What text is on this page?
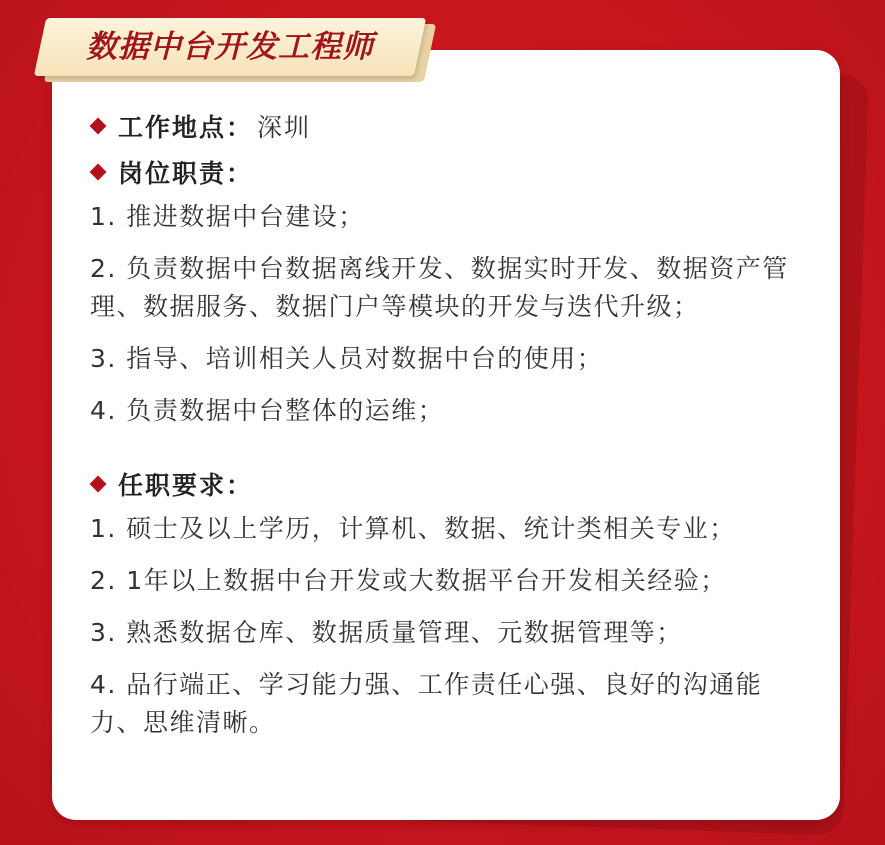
数据中台开发工程师
工作地点： 深圳
岗位职责：
1. 推进数据中台建设；
2. 负责数据中台数据离线开发、数据实时开发、数据资产管理、数据服务、数据门户等模块的开发与迭代升级；
3. 指导、培训相关人员对数据中台的使用；
4. 负责数据中台整体的运维；
任职要求：
1. 硕士及以上学历，计算机、数据、统计类相关专业；
2. 1年以上数据中台开发或大数据平台开发相关经验；
3. 熟悉数据仓库、数据质量管理、元数据管理等；
4. 品行端正、学习能力强、工作责任心强、良好的沟通能力、思维清晰。
